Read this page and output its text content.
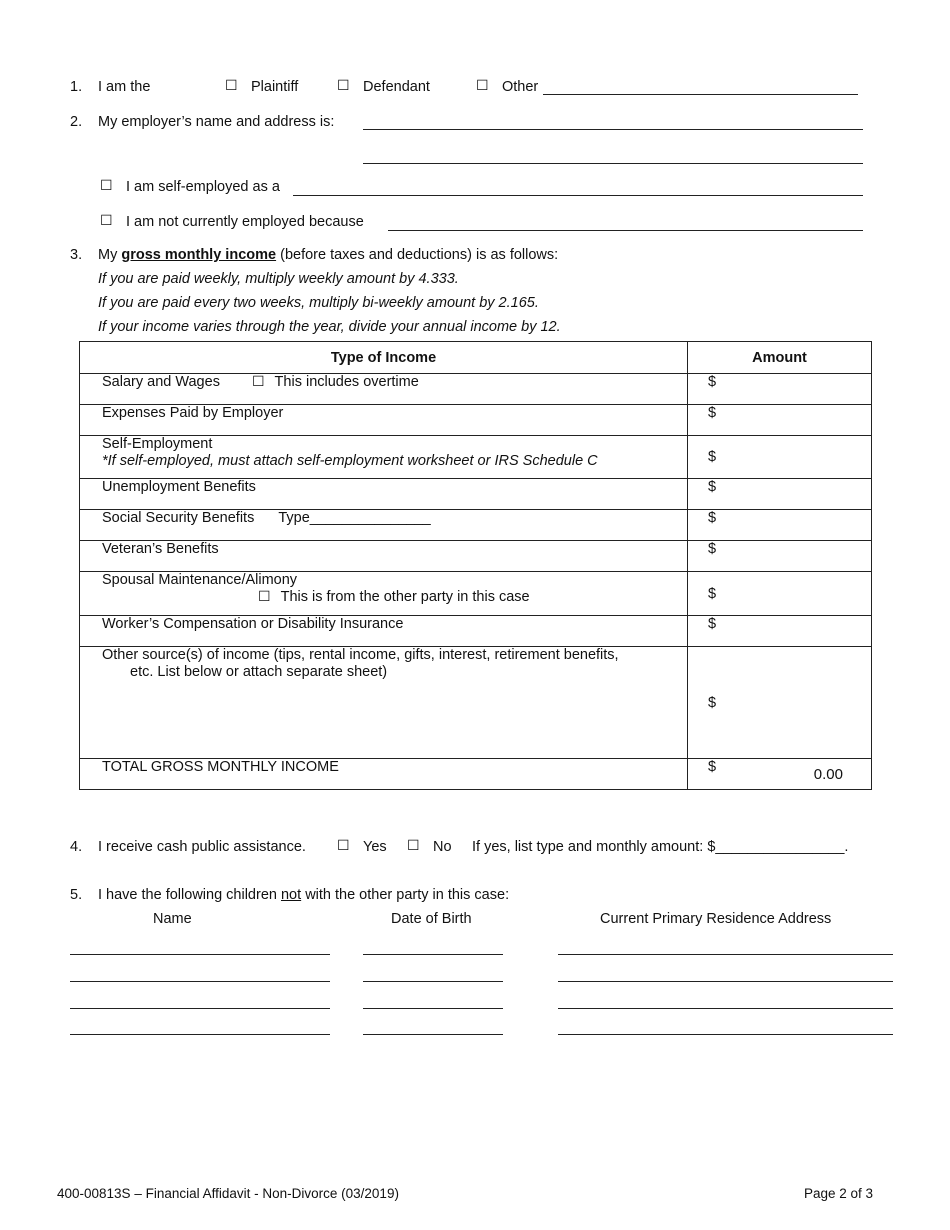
1. I am the	☐ Plaintiff	☐ Defendant	☐ Other
2. My employer’s name and address is:
☐ I am self-employed as a
☐ I am not currently employed because
3. My gross monthly income (before taxes and deductions) is as follows:
If you are paid weekly, multiply weekly amount by 4.333.
If you are paid every two weeks, multiply bi-weekly amount by 2.165.
If your income varies through the year, divide your annual income by 12.
Type of Income	Amount
Salary and Wages ☐ This includes overtime	$
Expenses Paid by Employer	$

Self-Employment
*If self-employed, must attach self-employment worksheet or IRS Schedule C	$
Unemployment Benefits	$
Social Security Benefits Type_______________	$
Veteran’s Benefits	$

Spousal Maintenance/Alimony
☐ This is from the other party in this case	$
Worker’s Compensation or Disability Insurance	$

Other source(s) of income (tips, rental income, gifts, interest, retirement benefits,
etc. List below or attach separate sheet)	$
TOTAL GROSS MONTHLY INCOME	$ 0.00
4. I receive cash public assistance. ☐ Yes ☐ No If yes, list type and monthly amount: $________________.
5. I have the following children not with the other party in this case:
Name	Date of Birth	Current Primary Residence Address
400-00813S – Financial Affidavit - Non-Divorce (03/2019)	Page 2 of 3
